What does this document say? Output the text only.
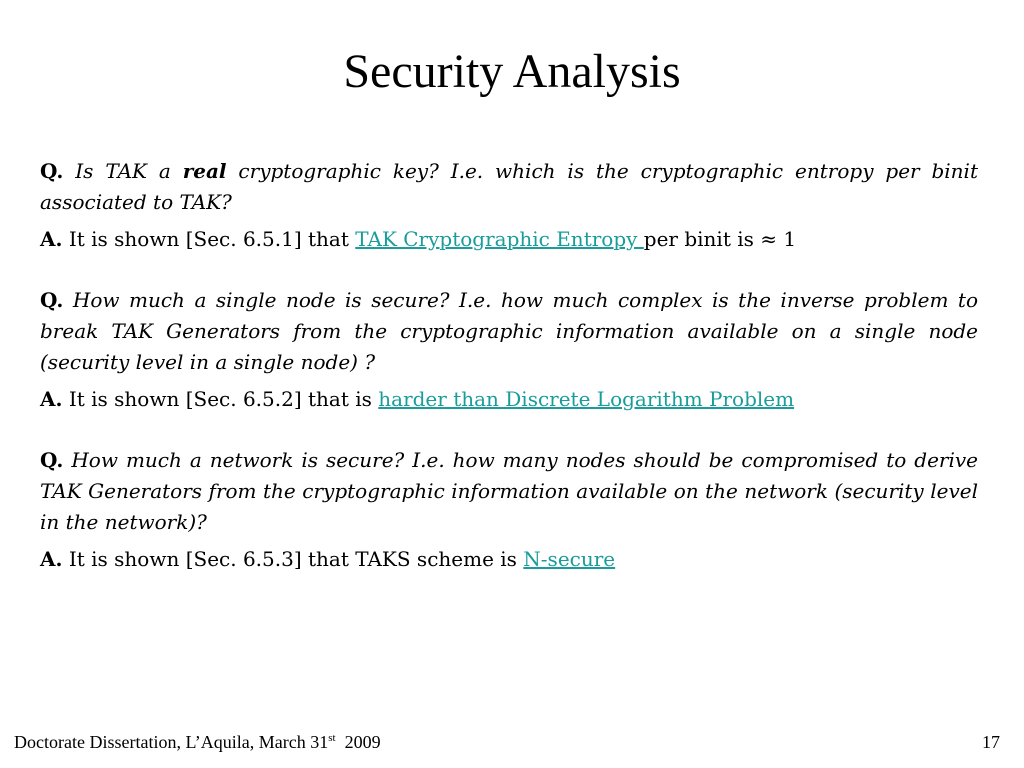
Security Analysis

Q. Is TAK a real cryptographic key? I.e. which is the cryptographic entropy per binit associated to TAK?

A. It is shown [Sec. 6.5.1] that TAK Cryptographic Entropy per binit is ≈ 1

Q. How much a single node is secure? I.e. how much complex is the inverse problem to break TAK Generators from the cryptographic information available on a single node (security level in a single node) ?

A. It is shown [Sec. 6.5.2] that is harder than Discrete Logarithm Problem

Q. How much a network is secure? I.e. how many nodes should be compromised to derive TAK Generators from the cryptographic information available on the network (security level in the network)?

A. It is shown [Sec. 6.5.3] that TAKS scheme is N-secure

Doctorate Dissertation, L’Aquila, March 31st  2009	17
